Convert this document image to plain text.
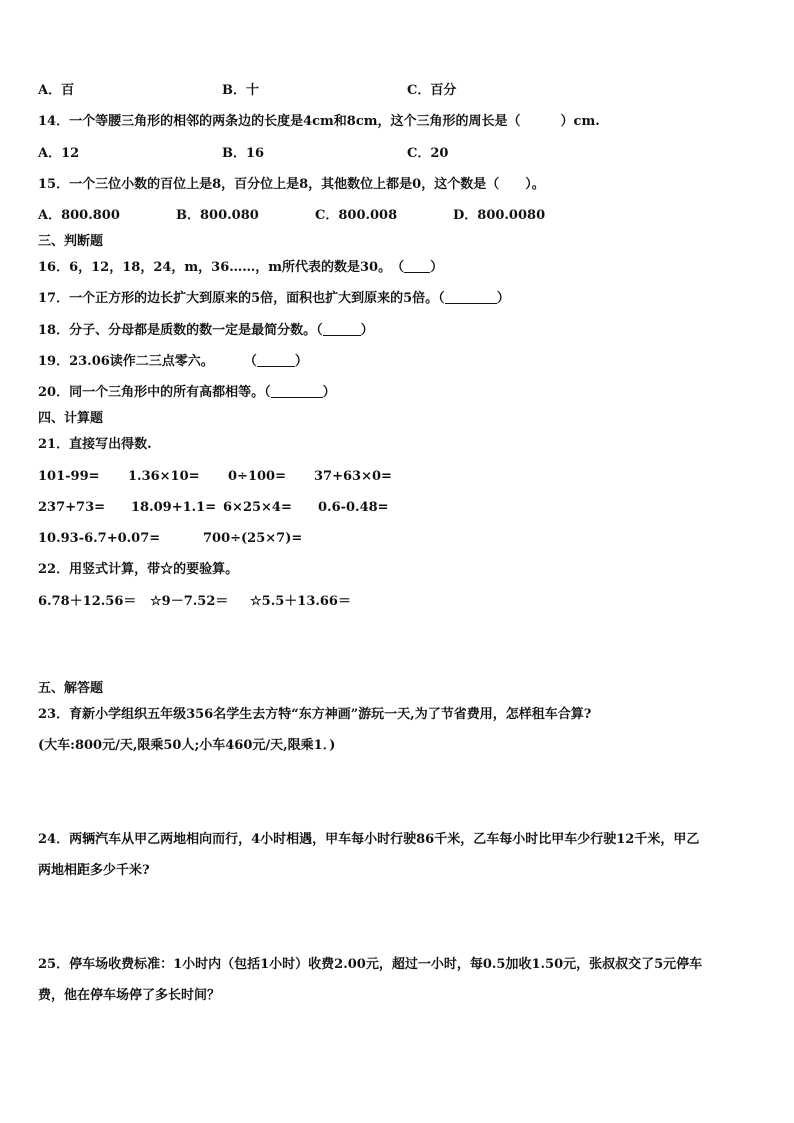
A．百	B．十	C．百分
14．一个等腰三角形的相邻的两条边的长度是4cm和8cm，这个三角形的周长是（	）cm.
A．12	B．16	C．20
15．一个三位小数的百位上是8，百分位上是8，其他数位上都是0，这个数是（　　）。
A．800.800	B．800.080	C．800.008	D．800.0080
三、判断题
16．6，12，18，24，m，36……，m所代表的数是30。　（ ）
17．一个正方形的边长扩大到原来的5倍，面积也扩大到原来的5倍。（	）
18．分子、分母都是质数的数一定是最简分数。（	）
19．23.06读作二三点零六。 （	）
20．同一个三角形中的所有高都相等。（	）
四、计算题
21．直接写出得数.
101-99= 1.36×10= 0÷100= 37+63×0=
237+73= 18.09+1.1= 6×25×4= 0.6-0.48=
10.93-6.7+0.07=	700÷(25×7)=
22．用竖式计算，带☆的要验算。
6.78＋12.56＝ ☆9－7.52＝ ☆5.5＋13.66＝
五、解答题
23．育新小学组织五年级356名学生去方特“东方神画”游玩一天,为了节省费用，怎样租车合算?
(大车:800元/天,限乘50人;小车460元/天,限乘1．)
24．两辆汽车从甲乙两地相向而行，4小时相遇，甲车每小时行驶86千米，乙车每小时比甲车少行驶12千米，甲乙
两地相距多少千米?
25．停车场收费标准：1小时内（包括1小时）收费2.00元，超过一小时，每0.5加收1.50元，张叔叔交了5元停车
费，他在停车场停了多长时间？
